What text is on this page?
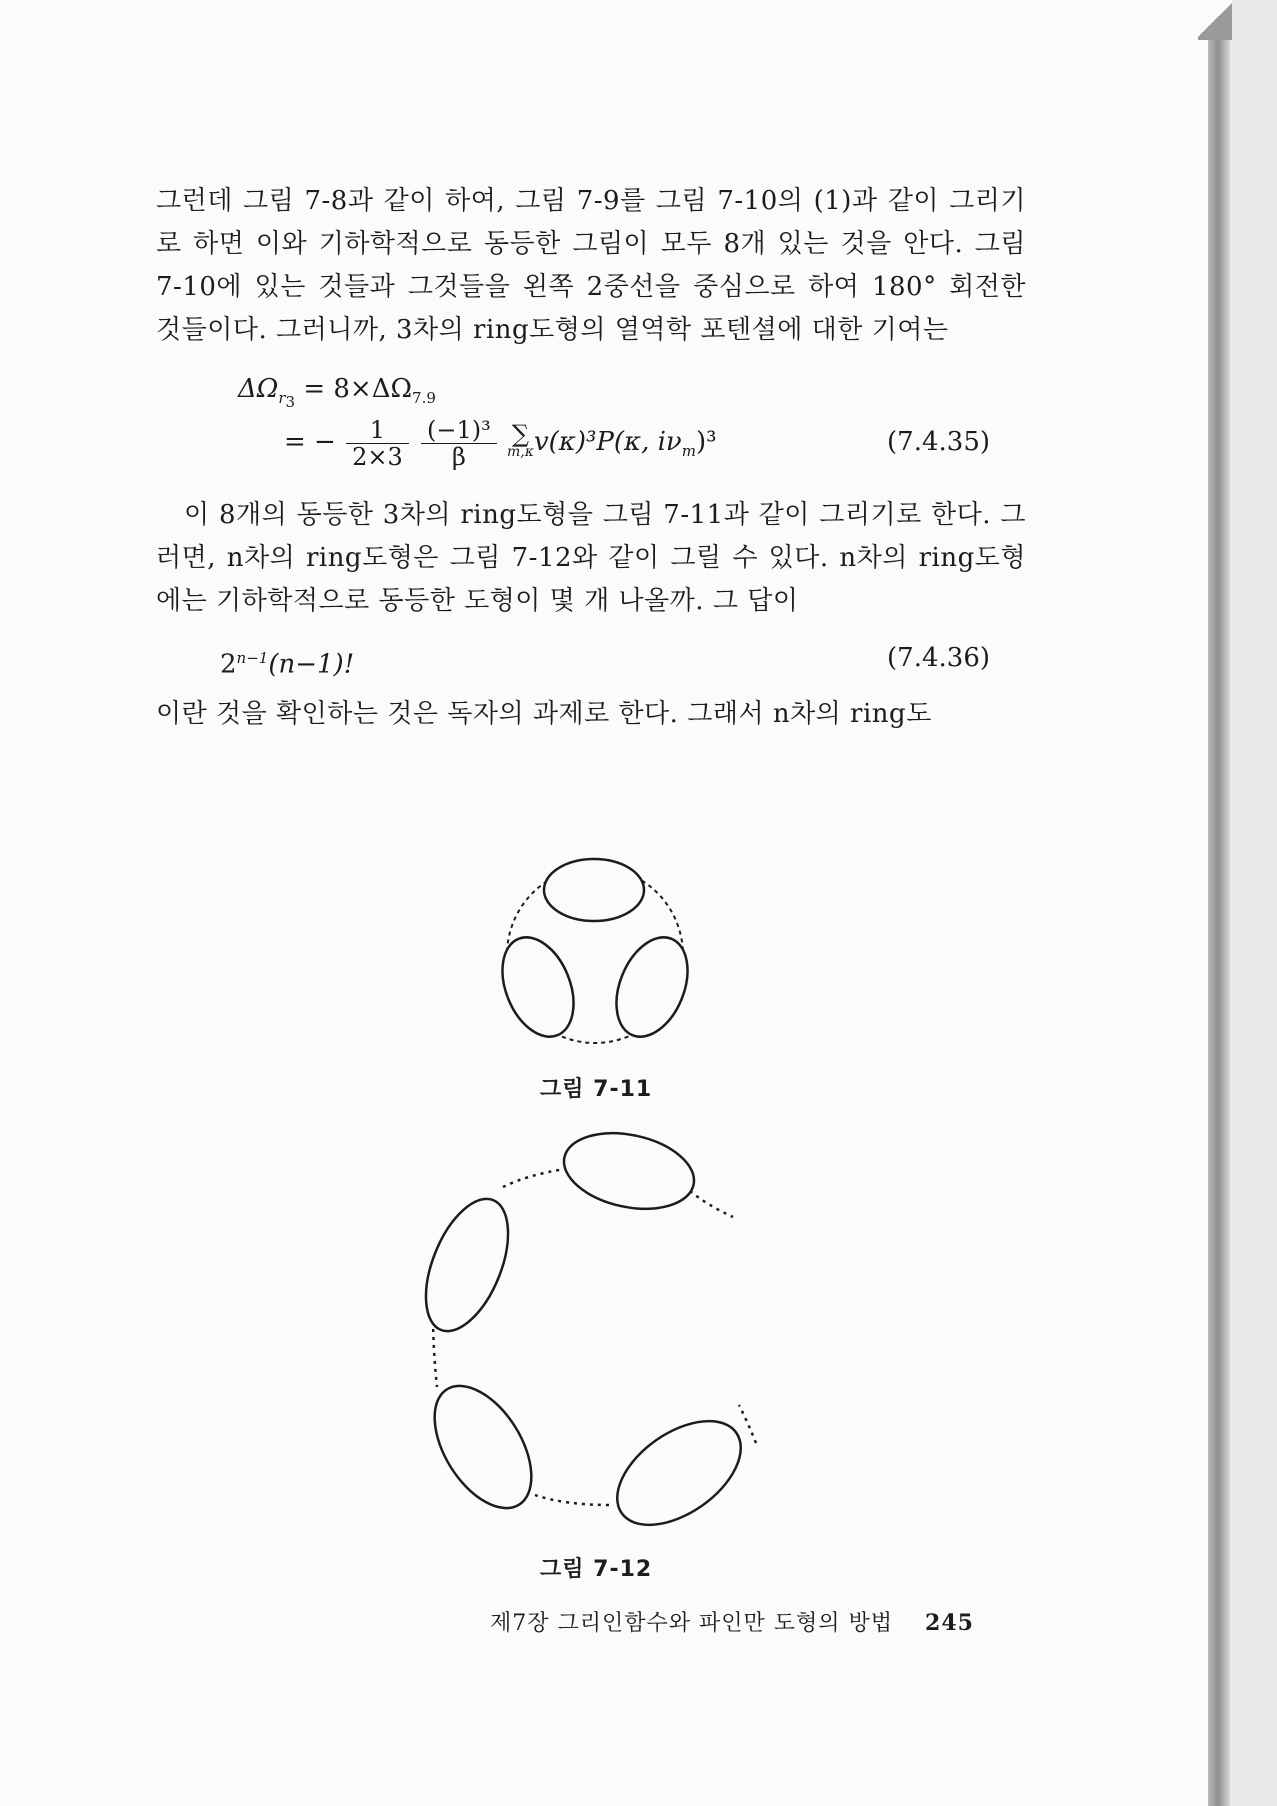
그런데 그림 7-8과 같이 하여, 그림 7-9를 그림 7-10의 (1)과 같이 그리기로 하면 이와 기하학적으로 동등한 그림이 모두 8개 있는 것을 안다. 그림 7-10에 있는 것들과 그것들을 왼쪽 2중선을 중심으로 하여 180° 회전한 것들이다. 그러니까, 3차의 ring도형의 열역학 포텐셜에 대한 기여는

$\Delta\Omega_{r_3} = 8\times\Delta\Omega_{7.9}$
= − $\frac{1}{2\times 3}$
$\frac{\text{(−1)³}}{\beta}$
∑
m,κ v(κ)³P(κ, $i\nu_m)^3$	(7.4.35)

이 8개의 동등한 3차의 ring도형을 그림 7-11과 같이 그리기로 한다. 그러면, n차의 ring도형은 그림 7-12와 같이 그릴 수 있다. n차의 ring도형에는 기하학적으로 동등한 도형이 몇 개 나올까. 그 답이

$2^{n-1}(n-1)$!	(7.4.36)

이란 것을 확인하는 것은 독자의 과제로 한다. 그래서 n차의 ring도

그림 7-11
그림 7-12
제7장 그리인함수와 파인만 도형의 방법 245
